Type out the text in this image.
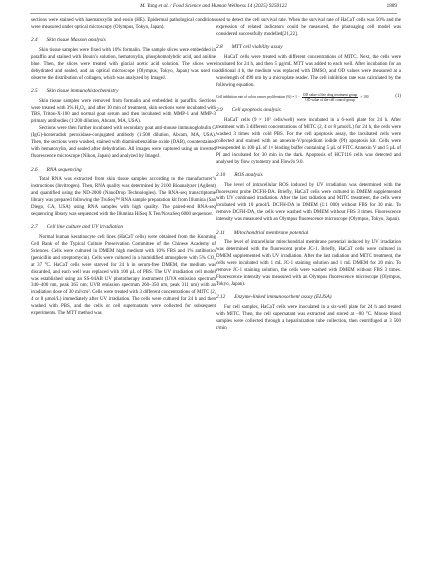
M. Yang et al. / Food Science and Human Wellness 14 (2025) 9250122	1889

sections were stained with haematoxylin and eosin (HE). Epidermal pathological conditions were measured under optical microscopy (Olympus, Tokyo, Japan).

2.4 Skin tissue Masson analysis

Skin tissue samples were fixed with 10% formalin. The sample slices were embedded in paraffin and stained with Bouin’s solution, hematoxylin, phosphomolybdic acid, and aniline blue. Then, the slices were treated with glacial acetic acid solution. The slices were dehydrated and sealed, and an optical microscope (Olympus, Tokyo, Japan) was used to observe the distribution of collagen, which was analyzed by ImageJ.

2.5 Skin tissue immunohistochemistry

Skin tissue samples were removed from formalin and embedded in paraffin. Sections were treated with 3% H₂O₂, and after 10 min of treatment, skin sections were incubated with TBS, Triton-X-100 and normal goat serum and then incubated with MMP-1 and MMP-3 primary antibodies (1:200 dilution, Abcam, MA, USA).

Sections were then further incubated with secondary goat anti-mouse immunoglobulin G (IgG)-horseradish peroxidase-conjugated antibody (1:500 dilution, Abcam, MA, USA). Then, the sections were washed, stained with diaminobenzidine oxide (DAB), counterstained with hematoxylin, and sealed after dehydration. All images were captured using an inverted fluorescence microscope (Nikon, Japan) and analyzed by ImageJ.

2.6 RNA sequencing

Total RNA was extracted from skin tissue samples according to the manufacturer’s instructions (Invitrogen). Then, RNA quality was determined by 2100 Bioanalyzer (Agilent) and quantified using the ND-2000 (NanoDrop Technologies). The RNA-seq transcriptome library was prepared following the TruSeq™ RNA sample preparation kit from Illumina (San Diego, CA, USA) using RNA samples with high quality. The paired-end RNA-seq sequencing library was sequenced with the Illumina HiSeq X Ten/NovaSeq 6000 sequencer.

2.7 Cell line culture and UV irradiation

Normal human keratinocyte cell lines (HaCaT cells) were obtained from the Kunming Cell Bank of the Typical Culture Preservation Committee of the Chinese Academy of Sciences. Cells were cultured in DMEM high medium with 10% FBS and 1% antibiotics (penicillin and streptomycin). Cells were cultured in a humidified atmosphere with 5% CO₂ at 37 °C. HaCaT cells were starved for 24 h in serum-free DMEM, the medium was discarded, and each well was replaced with 100 µL of PBS. The UV irradiation cell model was established using an SS-04AB UV phototherapy instrument (UVA emission spectrum 340–400 nm, peak 365 nm; UVB emission spectrum 260–350 nm, peak 311 nm) with an irradiation dose of 30 mJ/cm². Cells were treated with 3 different concentrations of MITC (2, 4 or 8 µmol/L) immediately after UV irradiation. The cells were cultured for 24 h and then washed with PBS, and the cells or cell supernatants were collected for subsequent experiments. The MTT method was

used to detect the cell survival rate. When the survival rate of HaCaT cells was 50% and the expression of related indicators could be measured, the photoaging cell model was considered successfully modelled[21,22].

2.8 MTT cell viability assay

HaCaT cells were treated with different concentrations of MITC. Next, the cells were incubated for 24 h, and then 5 µg/mL MTT was added to each well. After incubation for an additional 4 h, the medium was replaced with DMSO, and OD values were measured at a wavelength of 490 nm by a microplate reader. The cell inhibition rate was calculated by the following equation.

Cell inhibition rate of colon cancer proliferation (%) = $1 - \frac{\text{OD value of the drug treatment group}}{\text{OD value of the cell control group}} \times 100$	(1)
2.9 Cell apoptosis analysis

HaCaT cells (9 × 10⁵ cells/well) were incubated in a 6-well plate for 24 h. After treatment with 3 different concentrations of MITC (2, 4 or 8 µmol/L) for 24 h, the cells were washed 3 times with cold PBS. For the cell apoptosis assay, the incubated cells were collected and stained with an annexin-V/propidium iodide (PI) apoptosis kit. Cells were resuspended in 100 µL of 1× binding buffer containing 5 µL of FITC Annexin V and 5 µL of PI and incubated for 30 min in the dark. Apoptosis of HCT116 cells was detected and analysed by flow cytometry and FlowJo 9.0.

2.10 ROS analysis

The level of intracellular ROS induced by UV irradiation was determined with the fluorescent probe DCFH-DA. Briefly, HaCaT cells were cultured in DMEM supplemented with UV continued irradiation. After the last radiation and MITC treatment, the cells were incubated with 10 µmol/L DCFH-DA in DMEM (1:1 000) without FBS for 30 min. To remove DCFH-DA, the cells were washed with DMEM without FBS 3 times. Fluorescence intensity was measured with an Olympus fluorescence microscope (Olympus, Tokyo, Japan).

2.11 Mitochondrial membrane potential

The level of intracellular mitochondrial membrane potential induced by UV irradiation was determined with the fluorescent probe JC-1. Briefly, HaCaT cells were cultured in DMEM supplemented with UV irradiation. After the last radiation and MITC treatment, the cells were incubated with 1 mL JC-1 staining solution and 1 mL DMEM for 20 min. To remove JC-1 staining solution, the cells were washed with DMEM without FBS 3 times. Fluorescence intensity was measured with an Olympus fluorescence microscope (Olympus, Tokyo, Japan).

2.12 Enzyme-linked immunosorbent assay (ELISA)

For cell samples, HaCaT cells were inoculated in a six-well plate for 24 h and treated with MITC. Then, the cell supernatant was extracted and stored at −80 °C. Mouse blood samples were collected through a heparinization tube collection, then centrifuged at 3 500 r/min
